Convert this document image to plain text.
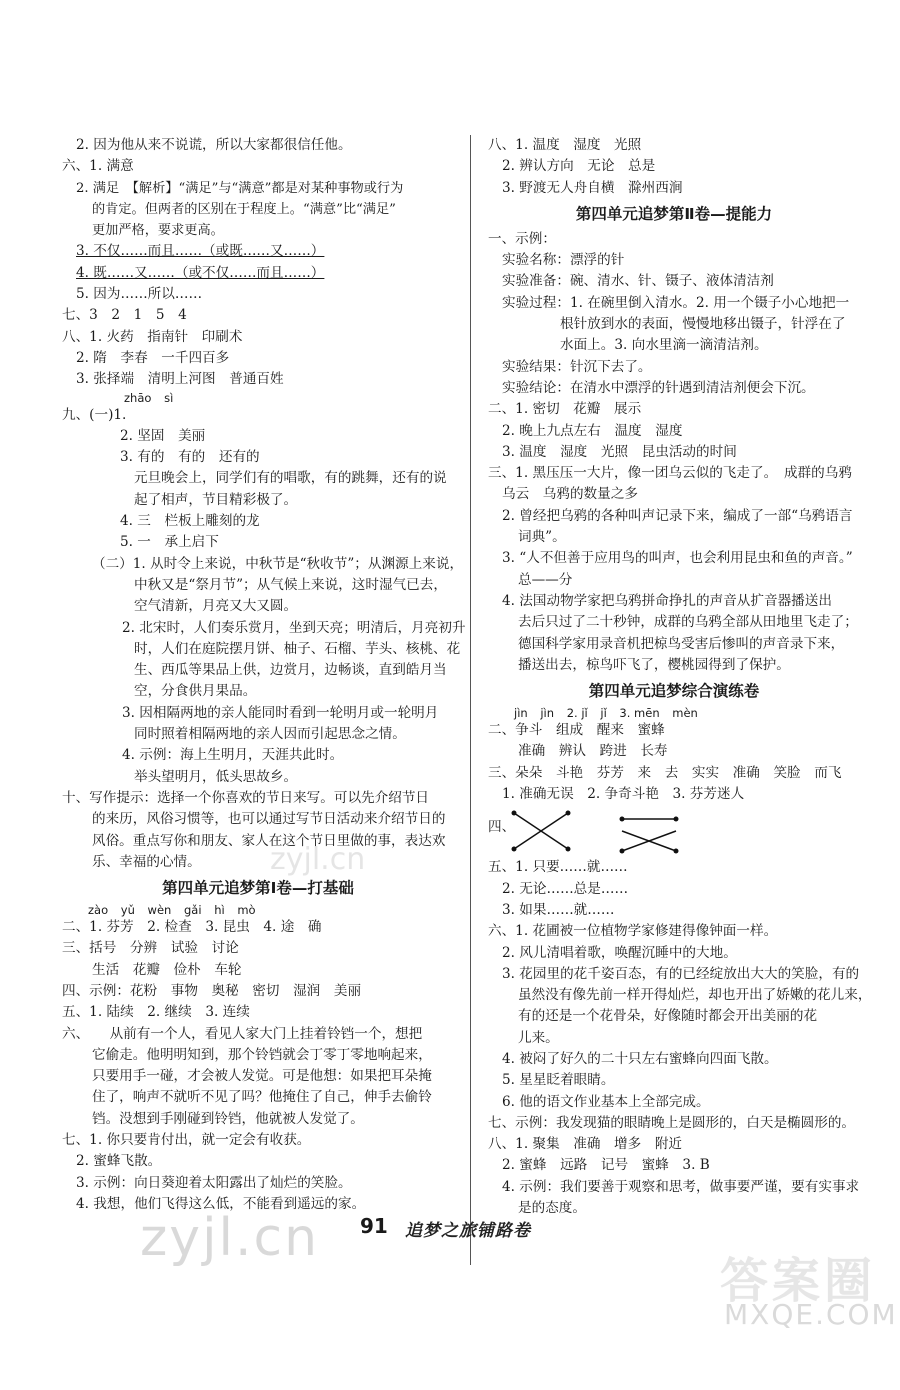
2. 因为他从来不说谎，所以大家都很信任他。
六、1. 满意
2. 满足　【解析】“满足”与“满意”都是对某种事物或行为
的肯定。但两者的区别在于程度上。“满意”比“满足”
更加严格，要求更高。
3. 不仅……而且……（或既……又……）
4. 既……又……（或不仅……而且……）
5. 因为……所以……
七、3　2　1　5　4
八、1. 火药　指南针　印刷术
2. 隋　李春　一千四百多
3. 张择端　清明上河图　普通百姓
zhāo sì
九、(一)1.
2. 坚固　美丽
3. 有的　有的　还有的
元旦晚会上，同学们有的唱歌，有的跳舞，还有的说
起了相声，节目精彩极了。
4. 三　栏板上雕刻的龙
5. 一　承上启下
（二）1. 从时令上来说，中秋节是“秋收节”；从渊源上来说，
中秋又是“祭月节”；从气候上来说，这时湿气已去，
空气清新，月亮又大又圆。
2. 北宋时，人们奏乐赏月，坐到天亮；明清后，月亮初升
时，人们在庭院摆月饼、柚子、石榴、芋头、核桃、花
生、西瓜等果品上供，边赏月，边畅谈，直到皓月当
空，分食供月果品。
3. 因相隔两地的亲人能同时看到一轮明月或一轮明月
同时照着相隔两地的亲人因而引起思念之情。
4. 示例：海上生明月，天涯共此时。
举头望明月，低头思故乡。
十、写作提示：选择一个你喜欢的节日来写。可以先介绍节日
的来历，风俗习惯等，也可以通过写节日活动来介绍节日的
风俗。重点写你和朋友、家人在这个节日里做的事，表达欢
乐、幸福的心情。
第四单元追梦第Ⅰ卷—打基础
zào yǔ wèn gǎi hì mò
二、1. 芬芳　2. 检查　3. 昆虫　4. 途　确
三、括号　分辨　试验　讨论
生活　花瓣　俭朴　车轮
四、示例：花粉　事物　奥秘　密切　湿润　美丽
五、1. 陆续　2. 继续　3. 连续
六、　　从前有一个人，看见人家大门上挂着铃铛一个，想把
它偷走。他明明知到，那个铃铛就会丁零丁零地响起来，
只要用手一碰，才会被人发觉。可是他想：如果把耳朵掩
住了，响声不就听不见了吗？他掩住了自己，伸手去偷铃
铛。没想到手刚碰到铃铛，他就被人发觉了。
七、1. 你只要肯付出，就一定会有收获。
2. 蜜蜂飞散。
3. 示例：向日葵迎着太阳露出了灿烂的笑脸。
4. 我想，他们飞得这么低，不能看到遥远的家。
八、1. 温度　湿度　光照
2. 辨认方向　无论　总是
3. 野渡无人舟自横　滁州西涧
第四单元追梦第Ⅱ卷—提能力
一、示例：
实验名称：漂浮的针
实验准备：碗、清水、针、镊子、液体清洁剂
实验过程：1. 在碗里倒入清水。2. 用一个镊子小心地把一
根针放到水的表面，慢慢地移出镊子，针浮在了
水面上。3. 向水里滴一滴清洁剂。
实验结果：针沉下去了。
实验结论：在清水中漂浮的针遇到清洁剂便会下沉。
二、1. 密切　花瓣　展示
2. 晚上九点左右　温度　湿度
3. 温度　湿度　光照　昆虫活动的时间
三、1. 黑压压一大片，像一团乌云似的飞走了。　成群的乌鸦
乌云　乌鸦的数量之多
2. 曾经把乌鸦的各种叫声记录下来，编成了一部“乌鸦语言
词典”。
3. “人不但善于应用鸟的叫声，也会利用昆虫和鱼的声音。”
总——分
4. 法国动物学家把乌鸦拼命挣扎的声音从扩音器播送出
去后只过了二十秒钟，成群的乌鸦全部从田地里飞走了；
德国科学家用录音机把椋鸟受害后惨叫的声音录下来，
播送出去，椋鸟吓飞了，樱桃园得到了保护。
第四单元追梦综合演练卷
jìn jìn 2. jǐ jǐ 3. mēn mèn
二、争斗　组成　醒来　蜜蜂
准确　辨认　跨进　长寿
三、朵朵　斗艳　芬芳　来　去　实实　准确　笑脸　而飞
1. 准确无误　2. 争奇斗艳　3. 芬芳迷人
四、
五、1. 只要……就……
2. 无论……总是……
3. 如果……就……
六、1. 花圃被一位植物学家修建得像钟面一样。
2. 风儿清唱着歌，唤醒沉睡中的大地。
3. 花园里的花千姿百态，有的已经绽放出大大的笑脸，有的
虽然没有像先前一样开得灿烂，却也开出了娇嫩的花儿来，
有的还是一个花骨朵，好像随时都会开出美丽的花
儿来。
4. 被闷了好久的二十只左右蜜蜂向四面飞散。
5. 星星眨着眼睛。
6. 他的语文作业基本上全部完成。
七、示例：我发现猫的眼睛晚上是圆形的，白天是椭圆形的。
八、1. 聚集　准确　增多　附近
2. 蜜蜂　远路　记号　蜜蜂　3. B
4. 示例：我们要善于观察和思考，做事要严谨，要有实事求
是的态度。
zyjl.cn
91 追梦之旅铺路卷
zyjl.cn
答案圈
MXQE.COM
